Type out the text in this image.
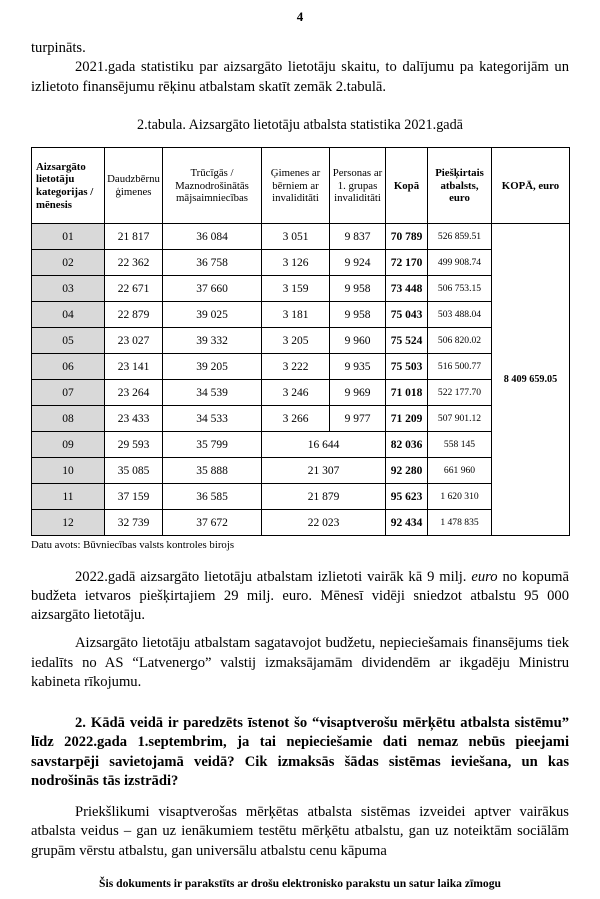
4

turpināts.

2021.gada statistiku par aizsargāto lietotāju skaitu, to dalījumu pa kategorijām un izlietoto finansējumu rēķinu atbalstam skatīt zemāk 2.tabulā.

2.tabula. Aizsargāto lietotāju atbalsta statistika 2021.gadā

Aizsargāto lietotāju kategorijas / mēnesis	Daudzbērnu ģimenes	Trūcīgās / Maznodrošinātās mājsaimniecības	Ģimenes ar bērniem ar invaliditāti	Personas ar 1. grupas invaliditāti	Kopā	Piešķirtais atbalsts, euro	KOPĀ, euro
01	21 817	36 084	3 051	9 837	70 789	526 859.51	8 409 659.05
02	22 362	36 758	3 126	9 924	72 170	499 908.74	
03	22 671	37 660	3 159	9 958	73 448	506 753.15	
04	22 879	39 025	3 181	9 958	75 043	503 488.04	
05	23 027	39 332	3 205	9 960	75 524	506 820.02	
06	23 141	39 205	3 222	9 935	75 503	516 500.77	
07	23 264	34 539	3 246	9 969	71 018	522 177.70	
08	23 433	34 533	3 266	9 977	71 209	507 901.12	
09	29 593	35 799	16 644		82 036	558 145	
10	35 085	35 888	21 307		92 280	661 960	
11	37 159	36 585	21 879		95 623	1 620 310	
12	32 739	37 672	22 023		92 434	1 478 835	

Datu avots: Būvniecības valsts kontroles birojs

2022.gadā aizsargāto lietotāju atbalstam izlietoti vairāk kā 9 milj. euro no kopumā budžeta ietvaros piešķirtajiem 29 milj. euro. Mēnesī vidēji sniedzot atbalstu 95 000 aizsargāto lietotāju.

Aizsargāto lietotāju atbalstam sagatavojot budžetu, nepieciešamais finansējums tiek iedalīts no AS “Latvenergo” valstij izmaksājamām dividendēm ar ikgadēju Ministru kabineta rīkojumu.

2. Kādā veidā ir paredzēts īstenot šo “visaptverošu mērķētu atbalsta sistēmu” līdz 2022.gada 1.septembrim, ja tai nepieciešamie dati nemaz nebūs pieejami savstarpēji savietojamā veidā? Cik izmaksās šādas sistēmas ieviešana, un kas nodrošinās tās izstrādi?

Priekšlikumi visaptverošas mērķētas atbalsta sistēmas izveidei aptver vairākus atbalsta veidus – gan uz ienākumiem testētu mērķētu atbalstu, gan uz noteiktām sociālām grupām vērstu atbalstu, gan universālu atbalstu cenu kāpuma

Šis dokuments ir parakstīts ar drošu elektronisko parakstu un satur laika zīmogu
